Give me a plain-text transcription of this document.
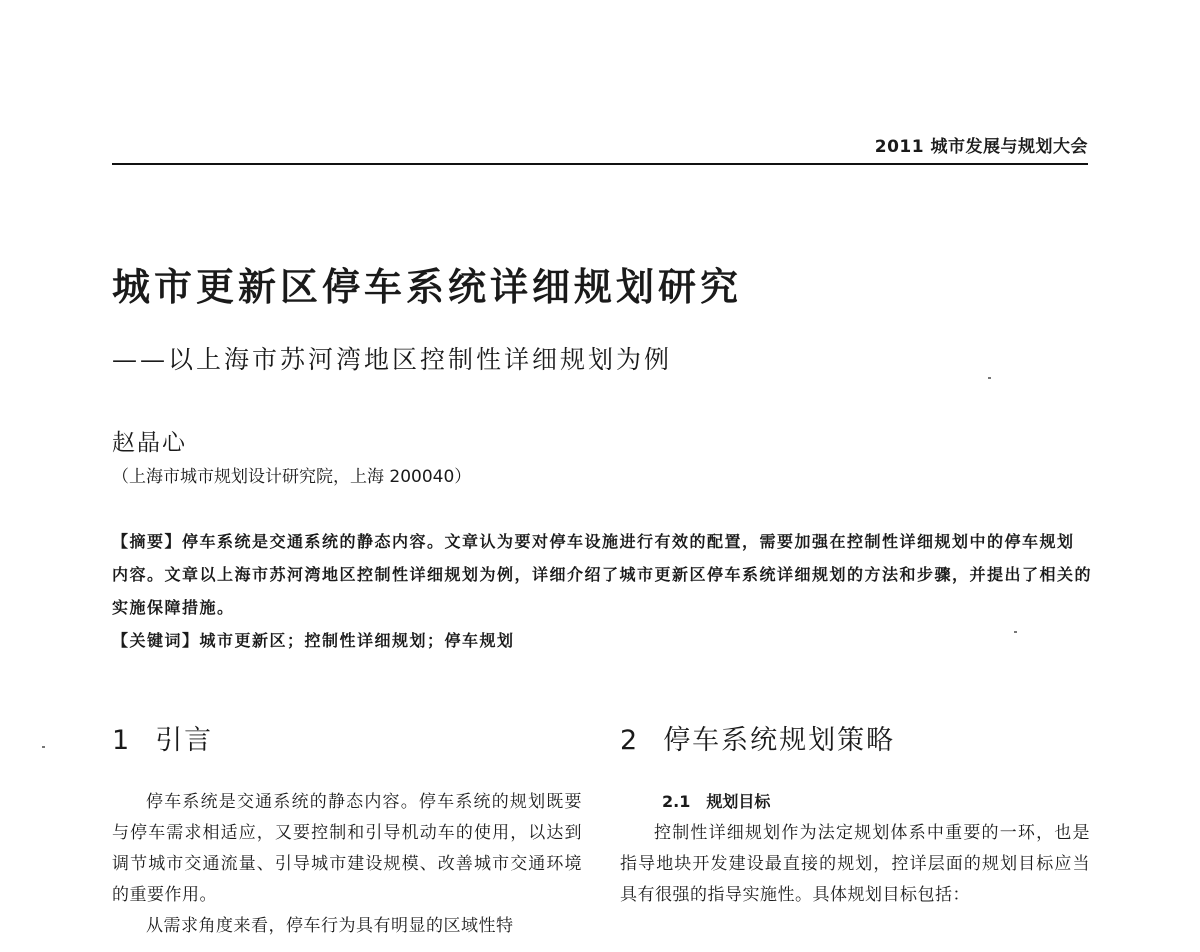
2011 城市发展与规划大会
城市更新区停车系统详细规划研究
——以上海市苏河湾地区控制性详细规划为例
赵晶心
（上海市城市规划设计研究院，上海 200040）
【摘要】停车系统是交通系统的静态内容。文章认为要对停车设施进行有效的配置，需要加强在控制性详细规划中的停车规划内容。文章以上海市苏河湾地区控制性详细规划为例，详细介绍了城市更新区停车系统详细规划的方法和步骤，并提出了相关的实施保障措施。
【关键词】城市更新区；控制性详细规划；停车规划
1 引言	2 停车系统规划策略

停车系统是交通系统的静态内容。停车系统的规划既要与停车需求相适应，又要控制和引导机动车的使用，以达到调节城市交通流量、引导城市建设规模、改善城市交通环境的重要作用。

从需求角度来看，停车行为具有明显的区域性特

2.1 规划目标

控制性详细规划作为法定规划体系中重要的一环，也是指导地块开发建设最直接的规划，控详层面的规划目标应当具有很强的指导实施性。具体规划目标包括：
